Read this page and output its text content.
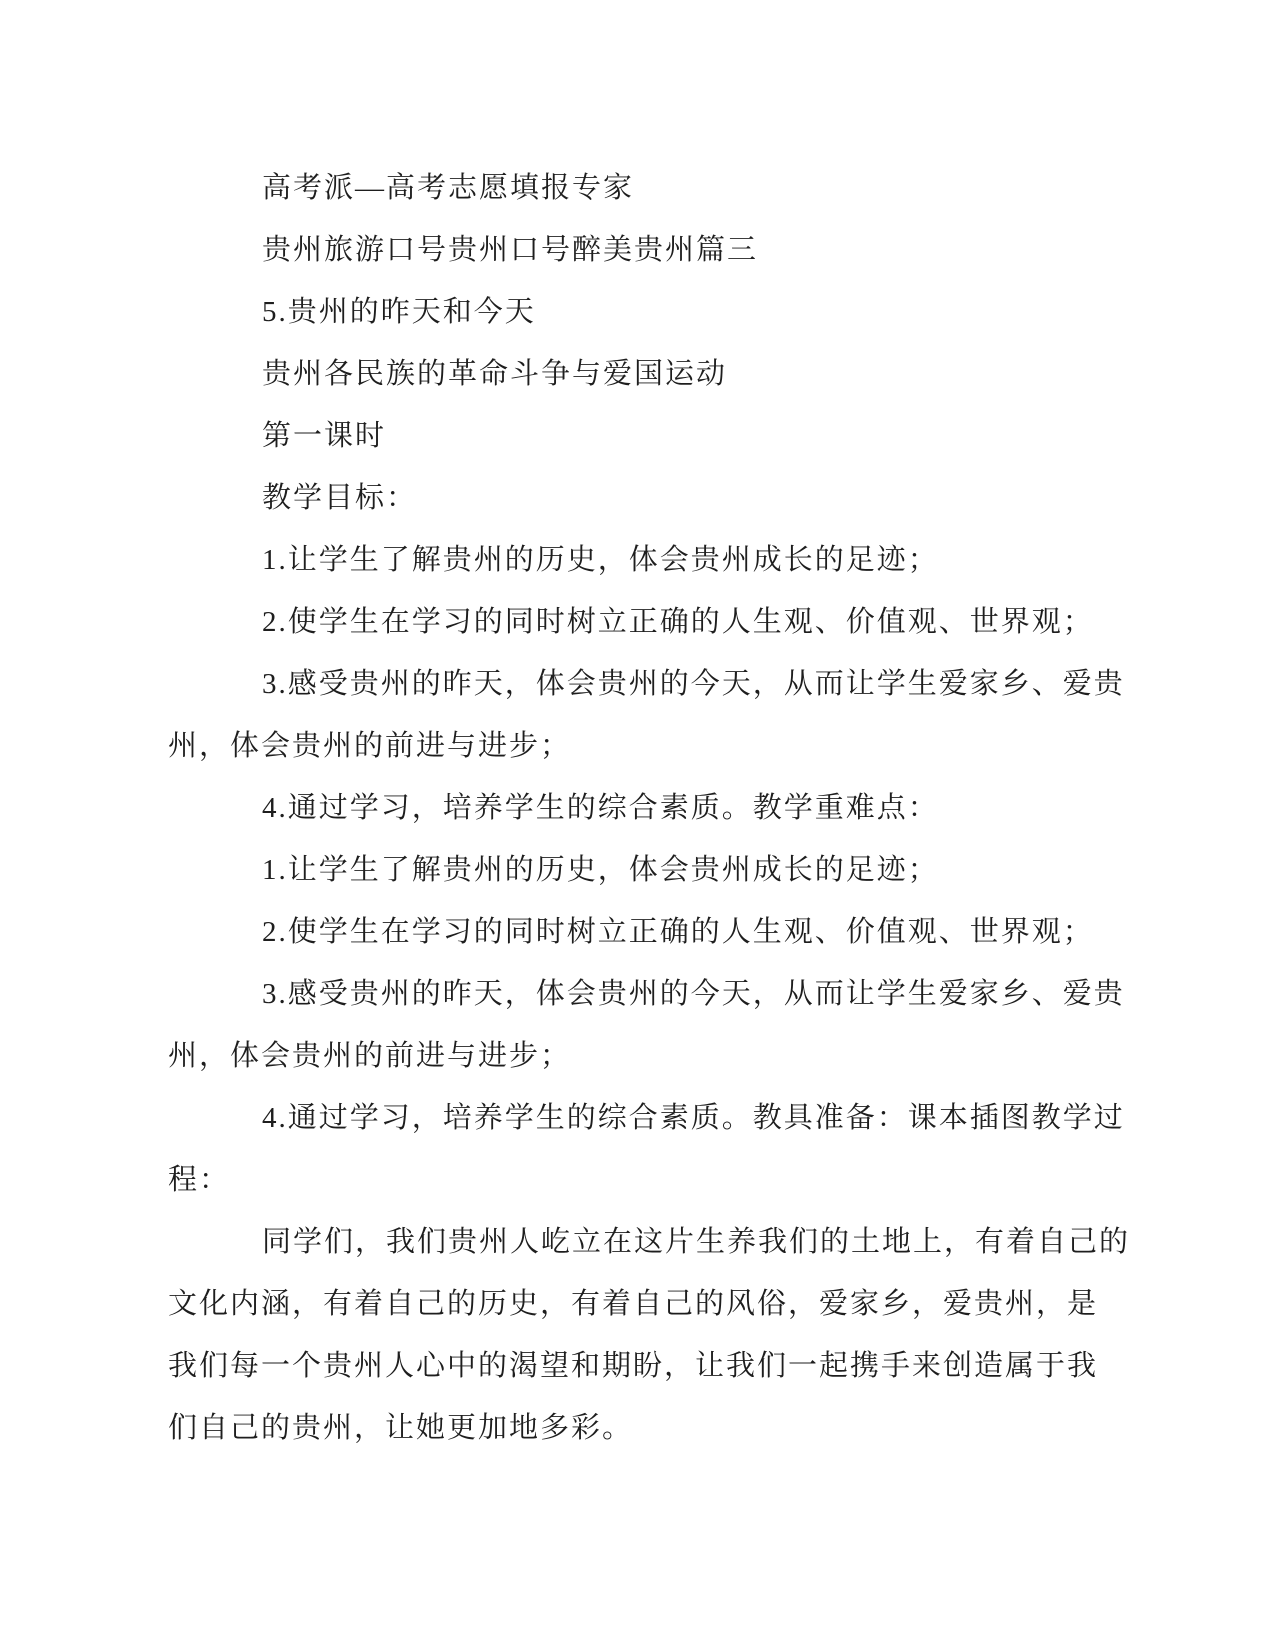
高考派—高考志愿填报专家
贵州旅游口号贵州口号醉美贵州篇三
5.贵州的昨天和今天
贵州各民族的革命斗争与爱国运动
第一课时
教学目标：
1.让学生了解贵州的历史，体会贵州成长的足迹；
2.使学生在学习的同时树立正确的人生观、价值观、世界观；
3.感受贵州的昨天，体会贵州的今天，从而让学生爱家乡、爱贵
州，体会贵州的前进与进步；
4.通过学习，培养学生的综合素质。教学重难点：
1.让学生了解贵州的历史，体会贵州成长的足迹；
2.使学生在学习的同时树立正确的人生观、价值观、世界观；
3.感受贵州的昨天，体会贵州的今天，从而让学生爱家乡、爱贵
州，体会贵州的前进与进步；
4.通过学习，培养学生的综合素质。教具准备：课本插图教学过
程：
同学们，我们贵州人屹立在这片生养我们的土地上，有着自己的
文化内涵，有着自己的历史，有着自己的风俗，爱家乡，爱贵州，是
我们每一个贵州人心中的渴望和期盼，让我们一起携手来创造属于我
们自己的贵州，让她更加地多彩。
